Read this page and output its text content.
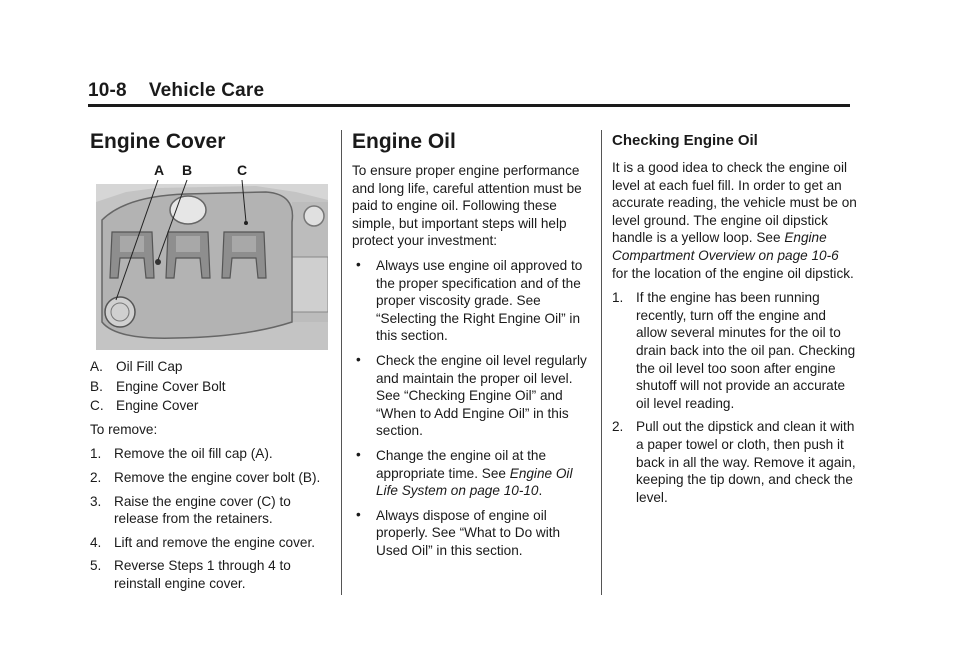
10-8 Vehicle Care
Engine Cover
A B	C
A. Oil Fill Cap
B. Engine Cover Bolt
C. Engine Cover

To remove:

1. Remove the oil fill cap (A).
2. Remove the engine cover bolt (B).
3. Raise the engine cover (C) to release from the retainers.
4. Lift and remove the engine cover.
5. Reverse Steps 1 through 4 to reinstall engine cover.
Engine Oil

To ensure proper engine performance and long life, careful attention must be paid to engine oil. Following these simple, but important steps will help protect your investment:

• Always use engine oil approved to the proper specification and of the proper viscosity grade. See “Selecting the Right Engine Oil” in this section.
• Check the engine oil level regularly and maintain the proper oil level. See “Checking Engine Oil” and “When to Add Engine Oil” in this section.
• Change the engine oil at the appropriate time. See Engine Oil Life System on page 10-10.
• Always dispose of engine oil properly. See “What to Do with Used Oil” in this section.
Checking Engine Oil

It is a good idea to check the engine oil level at each fuel fill. In order to get an accurate reading, the vehicle must be on level ground. The engine oil dipstick handle is a yellow loop. See Engine Compartment Overview on page 10-6 for the location of the engine oil dipstick.

1. If the engine has been running recently, turn off the engine and allow several minutes for the oil to drain back into the oil pan. Checking the oil level too soon after engine shutoff will not provide an accurate oil level reading.
2. Pull out the dipstick and clean it with a paper towel or cloth, then push it back in all the way. Remove it again, keeping the tip down, and check the level.
